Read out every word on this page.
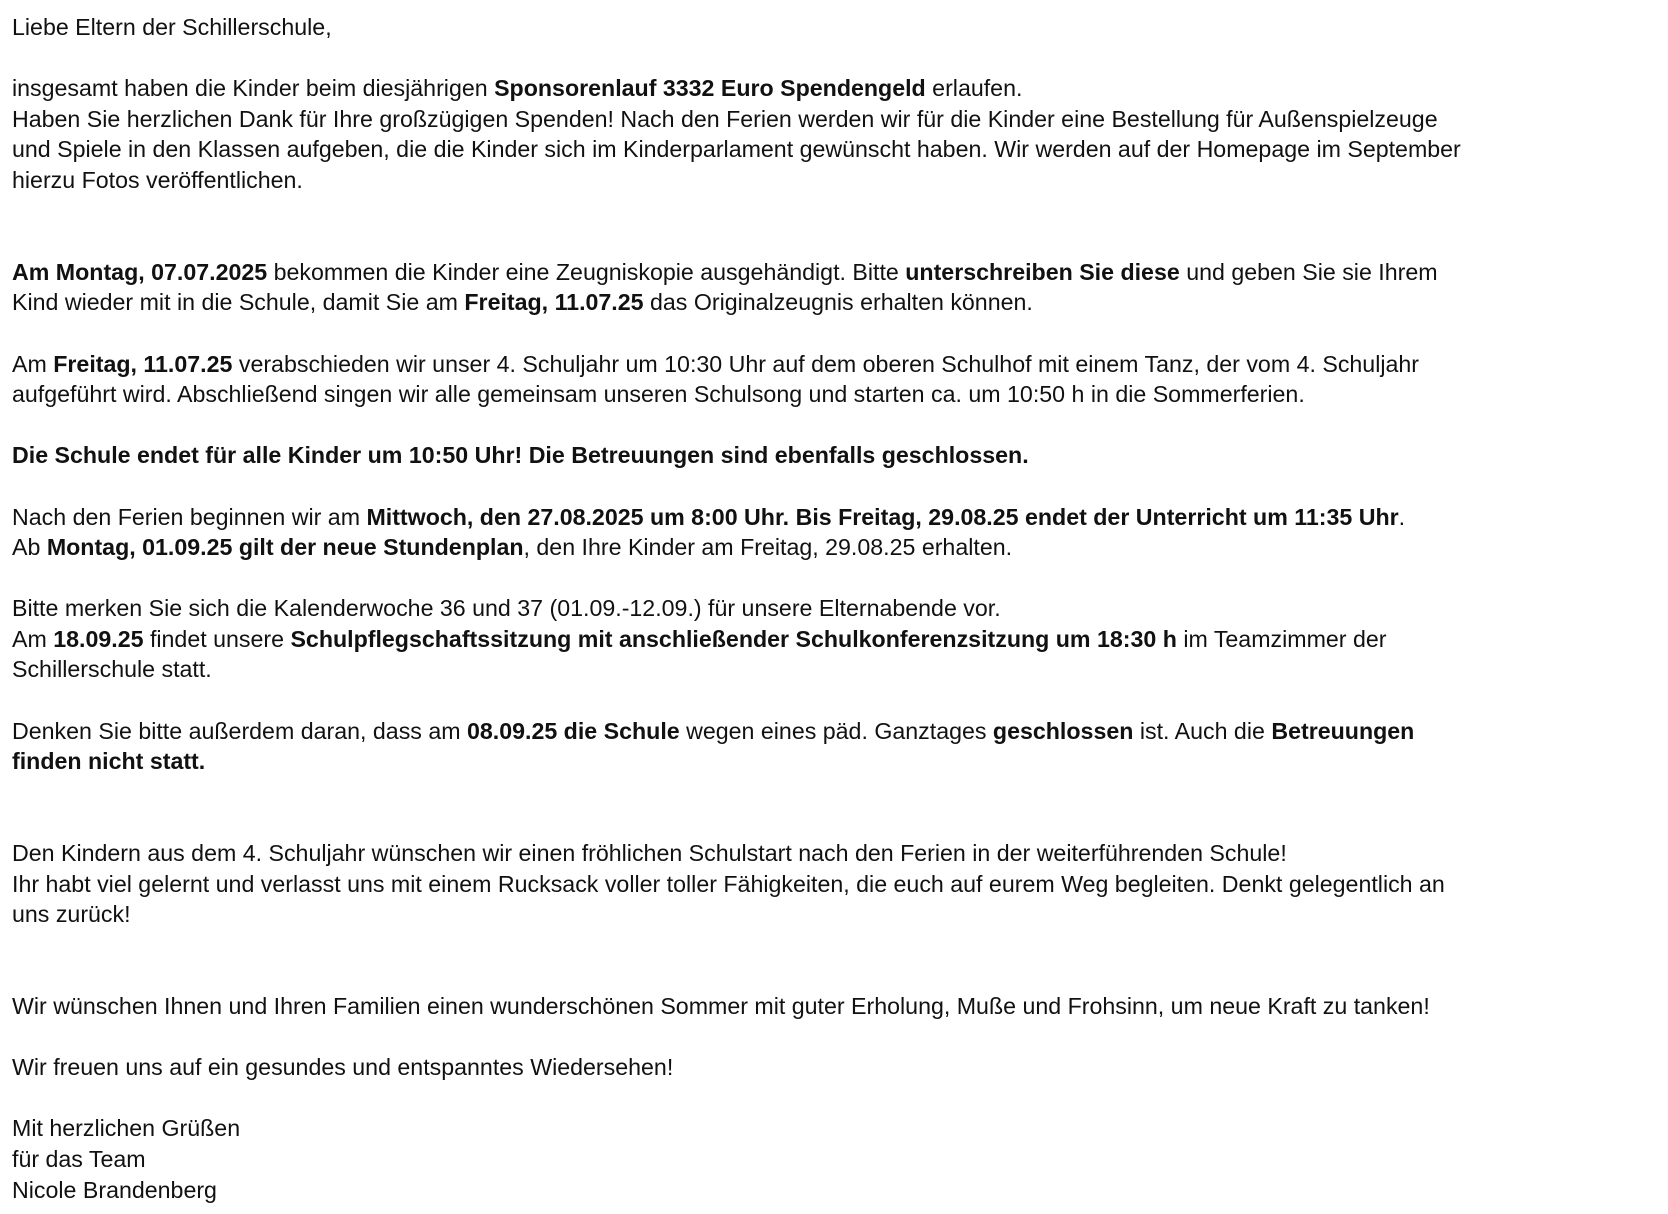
Liebe Eltern der Schillerschule,
insgesamt haben die Kinder beim diesjährigen Sponsorenlauf 3332 Euro Spendengeld erlaufen.
Haben Sie herzlichen Dank für Ihre großzügigen Spenden! Nach den Ferien werden wir für die Kinder eine Bestellung für Außenspielzeuge
und Spiele in den Klassen aufgeben, die die Kinder sich im Kinderparlament gewünscht haben. Wir werden auf der Homepage im September
hierzu Fotos veröffentlichen.
Am Montag, 07.07.2025 bekommen die Kinder eine Zeugniskopie ausgehändigt. Bitte unterschreiben Sie diese und geben Sie sie Ihrem
Kind wieder mit in die Schule, damit Sie am Freitag, 11.07.25 das Originalzeugnis erhalten können.
Am Freitag, 11.07.25 verabschieden wir unser 4. Schuljahr um 10:30 Uhr auf dem oberen Schulhof mit einem Tanz, der vom 4. Schuljahr
aufgeführt wird. Abschließend singen wir alle gemeinsam unseren Schulsong und starten ca. um 10:50 h in die Sommerferien.
Die Schule endet für alle Kinder um 10:50 Uhr! Die Betreuungen sind ebenfalls geschlossen.
Nach den Ferien beginnen wir am Mittwoch, den 27.08.2025 um 8:00 Uhr. Bis Freitag, 29.08.25 endet der Unterricht um 11:35 Uhr.
Ab Montag, 01.09.25 gilt der neue Stundenplan, den Ihre Kinder am Freitag, 29.08.25 erhalten.
Bitte merken Sie sich die Kalenderwoche 36 und 37 (01.09.-12.09.) für unsere Elternabende vor.
Am 18.09.25 findet unsere Schulpflegschaftssitzung mit anschließender Schulkonferenzsitzung um 18:30 h im Teamzimmer der
Schillerschule statt.
Denken Sie bitte außerdem daran, dass am 08.09.25 die Schule wegen eines päd. Ganztages geschlossen ist. Auch die Betreuungen
finden nicht statt.
Den Kindern aus dem 4. Schuljahr wünschen wir einen fröhlichen Schulstart nach den Ferien in der weiterführenden Schule!
Ihr habt viel gelernt und verlasst uns mit einem Rucksack voller toller Fähigkeiten, die euch auf eurem Weg begleiten. Denkt gelegentlich an
uns zurück!
Wir wünschen Ihnen und Ihren Familien einen wunderschönen Sommer mit guter Erholung, Muße und Frohsinn, um neue Kraft zu tanken!
Wir freuen uns auf ein gesundes und entspanntes Wiedersehen!
Mit herzlichen Grüßen
für das Team
Nicole Brandenberg
